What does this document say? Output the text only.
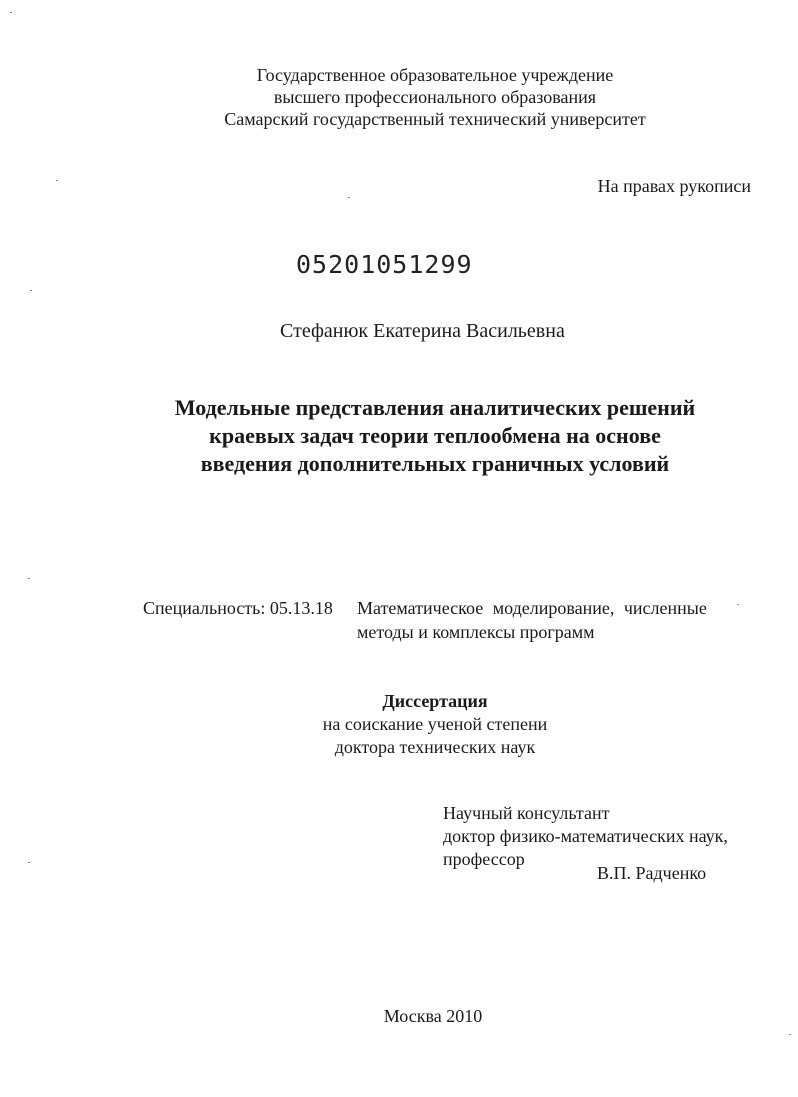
Государственное образовательное учреждение
высшего профессионального образования
Самарский государственный технический университет
На правах рукописи
05201051299
Стефанюк Екатерина Васильевна
Модельные представления аналитических решений
краевых задач теории теплообмена на основе
введения дополнительных граничных условий
Специальность: 05.13.18 Математическое моделирование, численные
методы и комплексы программ
Диссертация
на соискание ученой степени
доктора технических наук
Научный консультант
доктор физико-математических наук,
профессор
В.П. Радченко
Москва 2010
